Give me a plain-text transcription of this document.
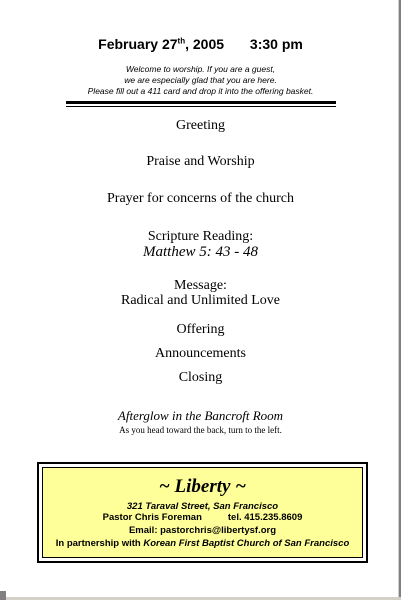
February 27th, 2005 3:30 pm
Welcome to worship. If you are a guest,
we are especially glad that you are here.
Please fill out a 411 card and drop it into the offering basket.
Greeting
Praise and Worship
Prayer for concerns of the church
Scripture Reading:
Matthew 5: 43 - 48
Message:
Radical and Unlimited Love
Offering
Announcements
Closing
Afterglow in the Bancroft Room
As you head toward the back, turn to the left.
~ Liberty ~
321 Taraval Street, San Francisco
Pastor Chris Foreman	tel. 415.235.8609
Email: pastorchris@libertysf.org
In partnership with Korean First Baptist Church of San Francisco
